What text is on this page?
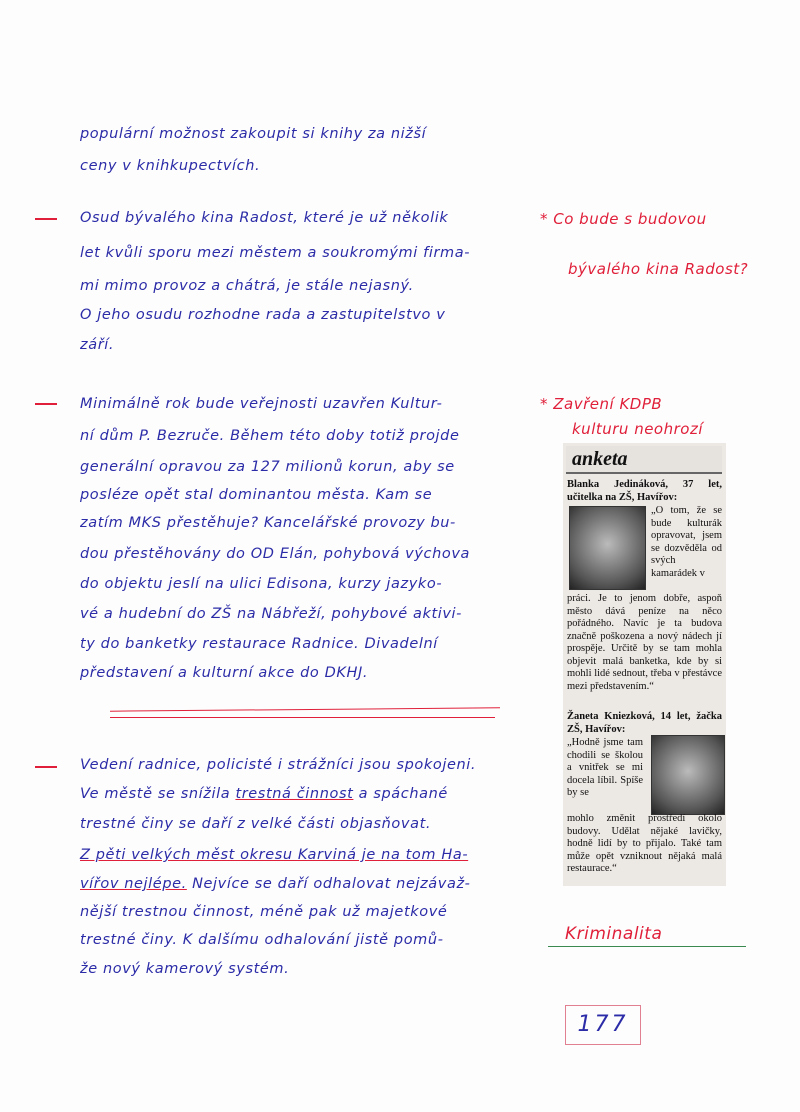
populární možnost zakoupit si knihy za nižší
ceny v knihkupectvích.
Osud bývalého kina Radost, které je už několik
let kvůli sporu mezi městem a soukromými firma-
mi mimo provoz a chátrá, je stále nejasný.
O jeho osudu rozhodne rada a zastupitelstvo v
září.
* Co bude s budovou
bývalého kina Radost?
Minimálně rok bude veřejnosti uzavřen Kultur-
ní dům P. Bezruče. Během této doby totiž projde
generální opravou za 127 milionů korun, aby se
posléze opět stal dominantou města. Kam se
zatím MKS přestěhuje? Kancelářské provozy bu-
dou přestěhovány do OD Elán, pohybová výchova
do objektu jeslí na ulici Edisona, kurzy jazyko-
vé a hudební do ZŠ na Nábřeží, pohybové aktivi-
ty do banketky restaurace Radnice. Divadelní
představení a kulturní akce do DKHJ.
* Zavření KDPB
kulturu neohrozí
Vedení radnice, policisté i strážníci jsou spokojeni.
Ve městě se snížila trestná činnost a spáchané
trestné činy se daří z velké části objasňovat.
Z pěti velkých měst okresu Karviná je na tom Ha-
vířov nejlépe. Nejvíce se daří odhalovat nejzávaž-
nější trestnou činnost, méně pak už majetkové
trestné činy. K dalšímu odhalování jistě pomů-
že nový kamerový systém.
Kriminalita
anketa
Blanka Jedináková, 37 let, učitelka na ZŠ, Havířov:
„O tom, že se bude kulturák opravovat, jsem se dozvěděla od svých kamarádek v
práci. Je to jenom dobře, aspoň město dává peníze na něco pořádného. Navíc je ta budova značně poškozena a nový nádech jí prospěje. Určitě by se tam mohla objevit malá banketka, kde by si mohli lidé sednout, třeba v přestávce mezi představením.“
Žaneta Kniezková, 14 let, žačka ZŠ, Havířov:
„Hodně jsme tam chodili se školou a vnitřek se mi docela líbil. Spíše by se
mohlo změnit prostředí okolo budovy. Udělat nějaké lavičky, hodně lidí by to přijalo. Také tam může opět vzniknout nějaká malá restaurace.“
177
